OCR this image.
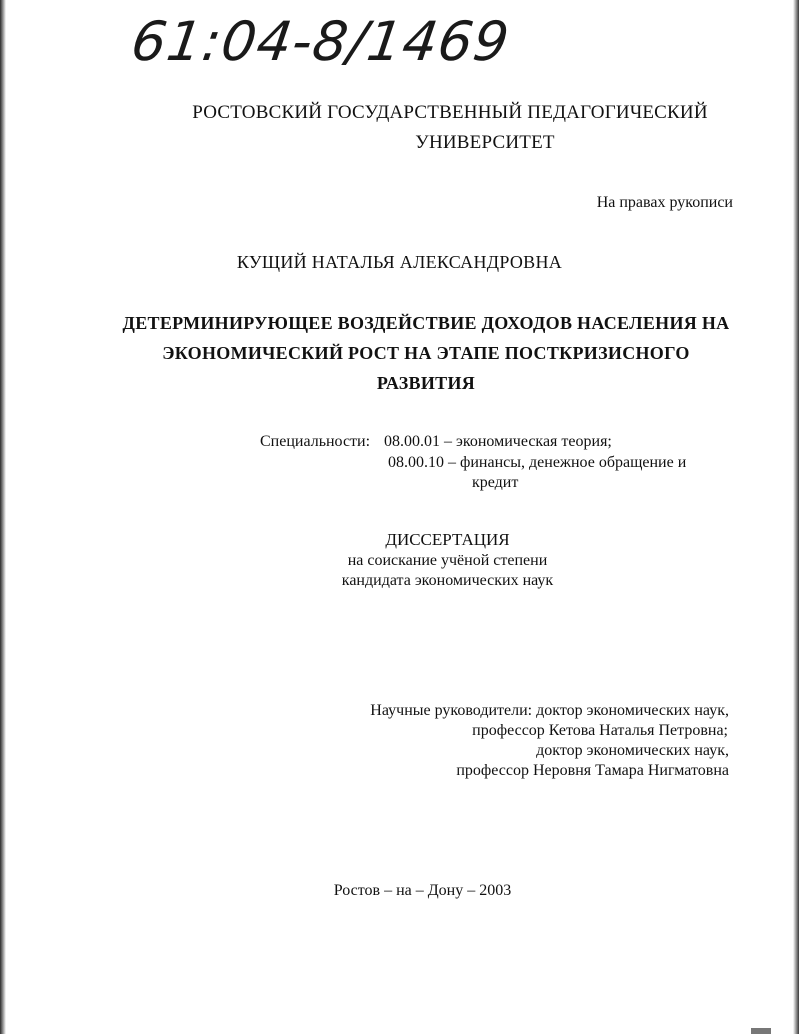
61:04-8/1469
РОСТОВСКИЙ ГОСУДАРСТВЕННЫЙ ПЕДАГОГИЧЕСКИЙ
УНИВЕРСИТЕТ
На правах рукописи
КУЩИЙ НАТАЛЬЯ АЛЕКСАНДРОВНА
ДЕТЕРМИНИРУЮЩЕЕ ВОЗДЕЙСТВИЕ ДОХОДОВ НАСЕЛЕНИЯ НА
ЭКОНОМИЧЕСКИЙ РОСТ НА ЭТАПЕ ПОСТКРИЗИСНОГО
РАЗВИТИЯ
Специальности: 08.00.01 – экономическая теория;
08.00.10 – финансы, денежное обращение и
кредит
ДИССЕРТАЦИЯ
на соискание учёной степени
кандидата экономических наук
Научные руководители: доктор экономических наук,
профессор Кетова Наталья Петровна;
доктор экономических наук,
профессор Неровня Тамара Нигматовна
Ростов – на – Дону – 2003
